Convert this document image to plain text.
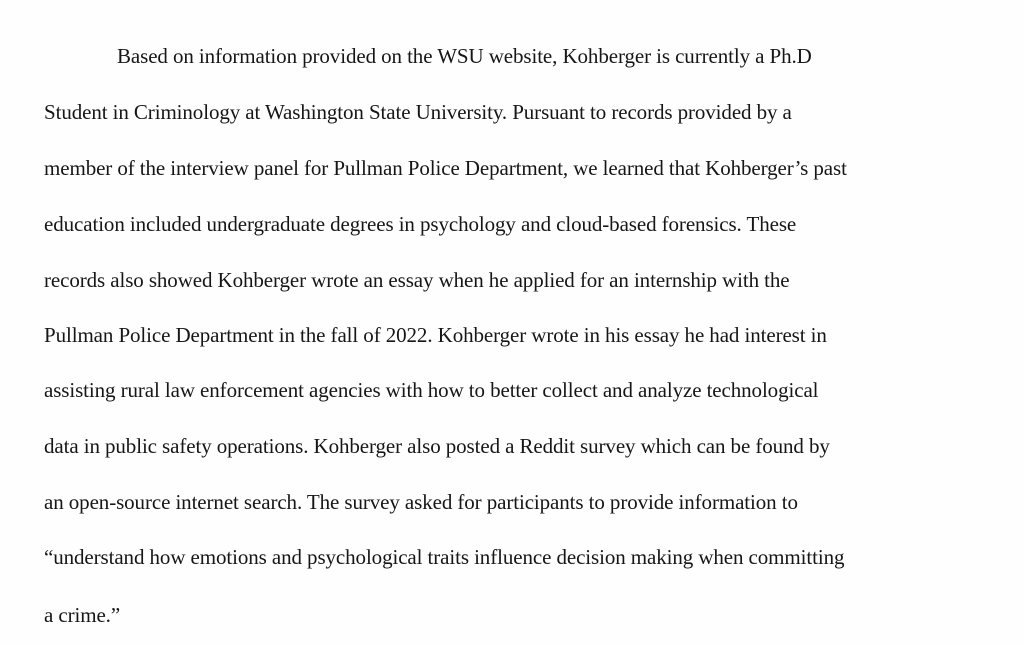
Based on information provided on the WSU website, Kohberger is currently a Ph.D

Student in Criminology at Washington State University. Pursuant to records provided by a

member of the interview panel for Pullman Police Department, we learned that Kohberger’s past

education included undergraduate degrees in psychology and cloud-based forensics. These

records also showed Kohberger wrote an essay when he applied for an internship with the

Pullman Police Department in the fall of 2022. Kohberger wrote in his essay he had interest in

assisting rural law enforcement agencies with how to better collect and analyze technological

data in public safety operations. Kohberger also posted a Reddit survey which can be found by

an open-source internet search. The survey asked for participants to provide information to

“understand how emotions and psychological traits influence decision making when committing

a crime.”
